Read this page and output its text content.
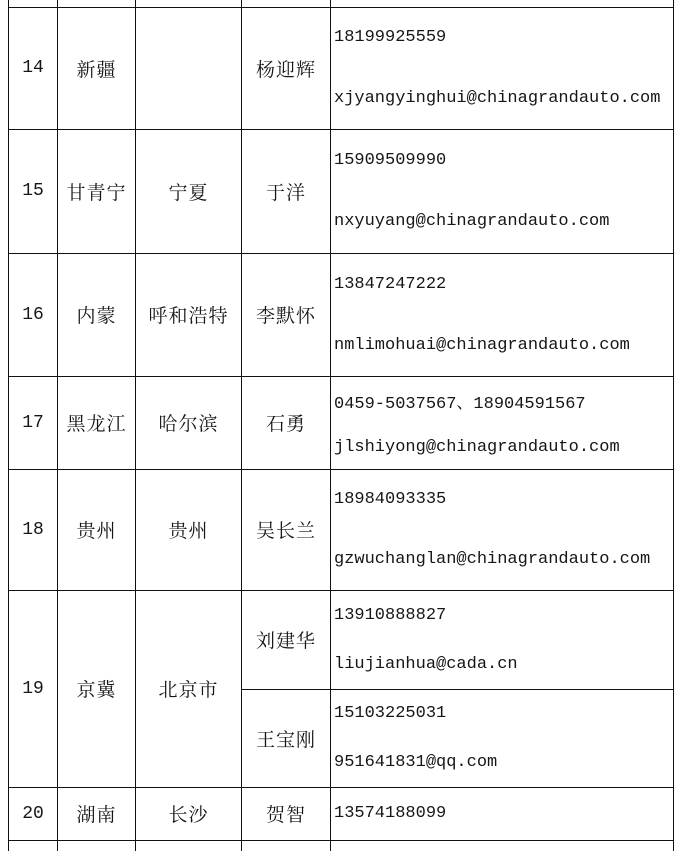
14	新疆		杨迎辉	18199925559
xjyangyinghui@chinagrandauto.com

15	甘青宁	宁夏	于洋	15909509990
nxyuyang@chinagrandauto.com

16	内蒙	呼和浩特	李默怀	13847247222
nmlimohuai@chinagrandauto.com

17	黑龙江	哈尔滨	石勇	0459-5037567、18904591567
jlshiyong@chinagrandauto.com

18	贵州	贵州	吴长兰	18984093335
gzwuchanglan@chinagrandauto.com

19	京冀	北京市	刘建华	13910888827
liujianhua@cada.cn

			王宝刚	15103225031
951641831@qq.com

20	湖南	长沙	贺智	13574188099
